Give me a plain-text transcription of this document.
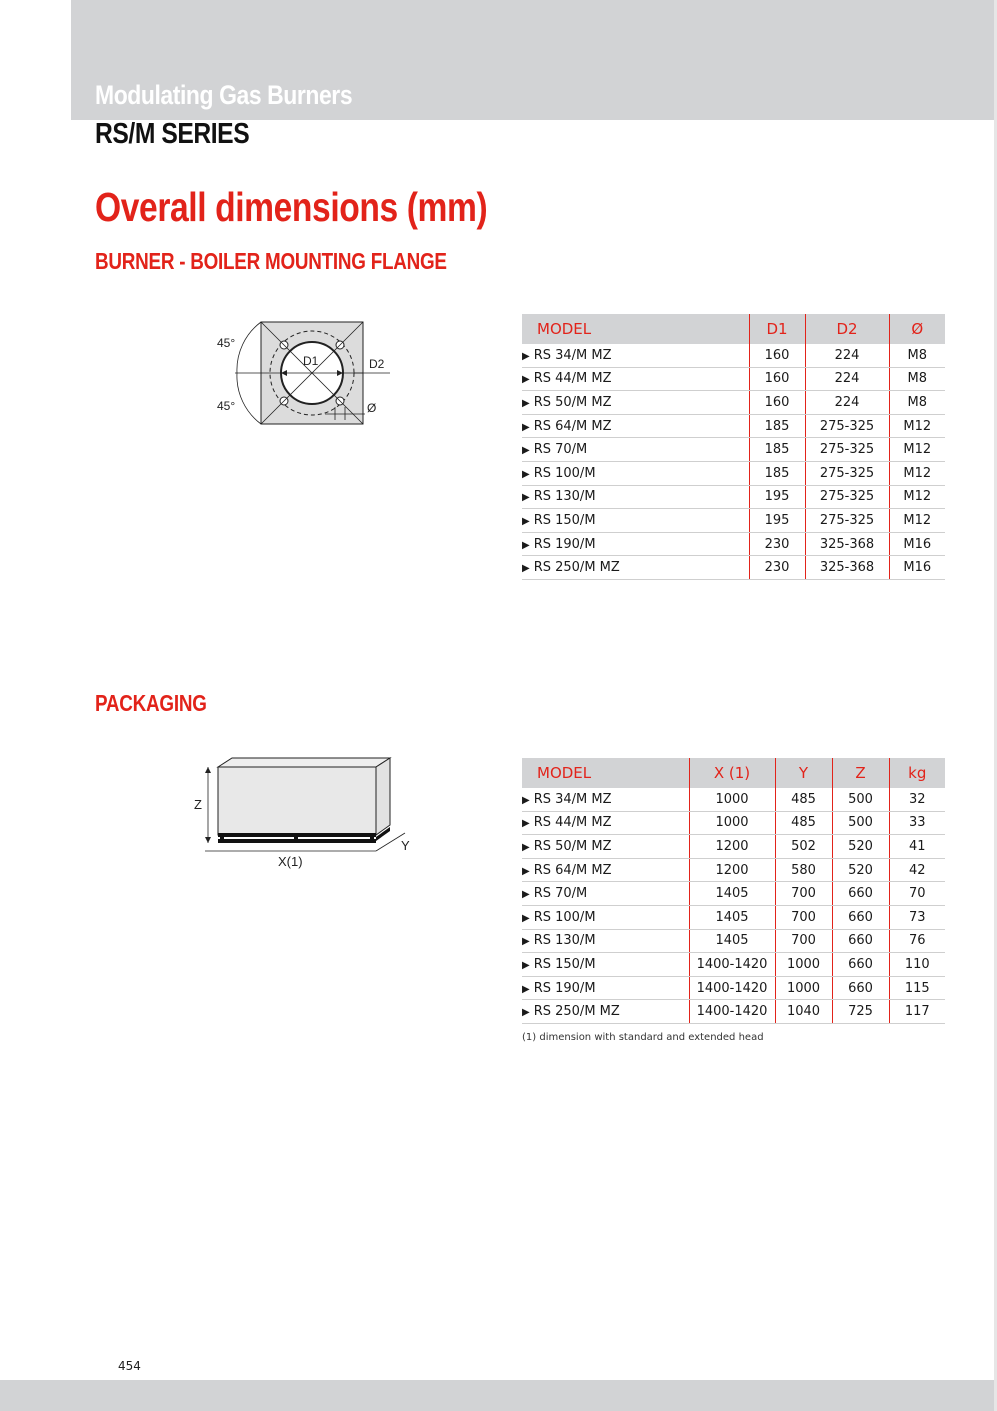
Modulating Gas Burners
RS/M SERIES
Overall dimensions (mm)
BURNER - BOILER MOUNTING FLANGE
45°
45°
D1	D2
Ø
MODEL	D1	D2	Ø
▶ RS 34/M MZ	160	224	M8
▶ RS 44/M MZ	160	224	M8
▶ RS 50/M MZ	160	224	M8
▶ RS 64/M MZ	185	275-325	M12
▶ RS 70/M	185	275-325	M12
▶ RS 100/M	185	275-325	M12
▶ RS 130/M	195	275-325	M12
▶ RS 150/M	195	275-325	M12
▶ RS 190/M	230	325-368	M16
▶ RS 250/M MZ	230	325-368	M16
PACKAGING
Z
X(1)
Y
MODEL	X (1)	Y	Z	kg
▶ RS 34/M MZ	1000	485	500	32
▶ RS 44/M MZ	1000	485	500	33
▶ RS 50/M MZ	1200	502	520	41
▶ RS 64/M MZ	1200	580	520	42
▶ RS 70/M	1405	700	660	70
▶ RS 100/M	1405	700	660	73
▶ RS 130/M	1405	700	660	76
▶ RS 150/M	1400-1420	1000	660	110
▶ RS 190/M	1400-1420	1000	660	115
▶ RS 250/M MZ	1400-1420	1040	725	117
(1) dimension with standard and extended head
454
